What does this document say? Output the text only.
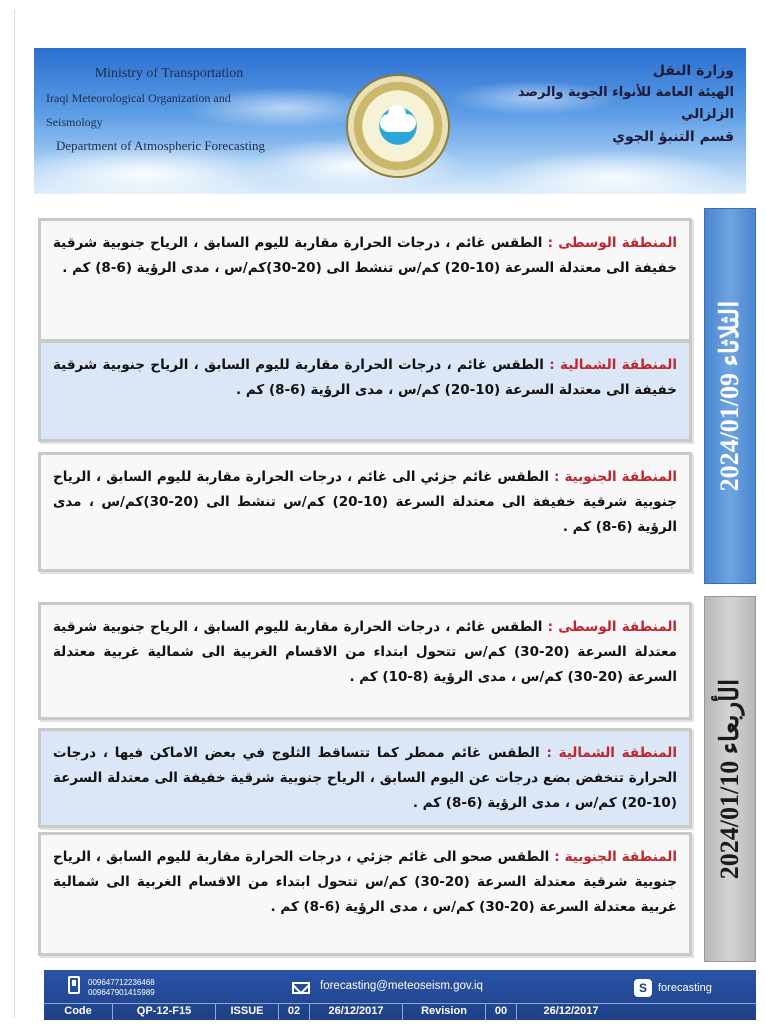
Ministry of Transportation
Iraqi Meteorological Organization and Seismology
Department of Atmospheric Forecasting
وزارة النقل
الهيئة العامة للأنواء الجوية والرصد الزلزالي
قسم التنبؤ الجوي
المنطقة الوسطى : الطقس غائم ، درجات الحرارة مقاربة لليوم السابق ، الرياح جنوبية شرقية خفيفة الى معتدلة السرعة (10-20) كم/س تنشط الى (20-30)كم/س ، مدى الرؤية (6-8) كم .
المنطقة الشمالية : الطقس غائم ، درجات الحرارة مقاربة لليوم السابق ، الرياح جنوبية شرقية خفيفة الى معتدلة السرعة (10-20) كم/س ، مدى الرؤية (6-8) كم .
المنطقة الجنوبية : الطقس غائم جزئي الى غائم ، درجات الحرارة مقاربة لليوم السابق ، الرياح جنوبية شرقية خفيفة الى معتدلة السرعة (10-20) كم/س تنشط الى (20-30)كم/س ، مدى الرؤية (6-8) كم .
الثلاثاء 2024/01/09
المنطقة الوسطى : الطقس غائم ، درجات الحرارة مقاربة لليوم السابق ، الرياح جنوبية شرقية معتدلة السرعة (20-30) كم/س تتحول ابتداء من الاقسام الغربية الى شمالية غربية معتدلة السرعة (20-30) كم/س ، مدى الرؤية (8-10) كم .
المنطقة الشمالية : الطقس غائم ممطر كما تتساقط الثلوج في بعض الاماكن فيها ، درجات الحرارة تنخفض بضع درجات عن اليوم السابق ، الرياح جنوبية شرقية خفيفة الى معتدلة السرعة (10-20) كم/س ، مدى الرؤية (6-8) كم .
المنطقة الجنوبية : الطقس صحو الى غائم جزئي ، درجات الحرارة مقاربة لليوم السابق ، الرياح جنوبية شرقية معتدلة السرعة (20-30) كم/س تتحول ابتداء من الاقسام الغربية الى شمالية غربية معتدلة السرعة (20-30) كم/س ، مدى الرؤية (6-8) كم .
الأربعاء 2024/01/10
009647712236468
009647901415989
forecasting@meteoseism.gov.iq	S	forecasting
Code	QP-12-F15	ISSUE	02	26/12/2017	Revision	00	26/12/2017
